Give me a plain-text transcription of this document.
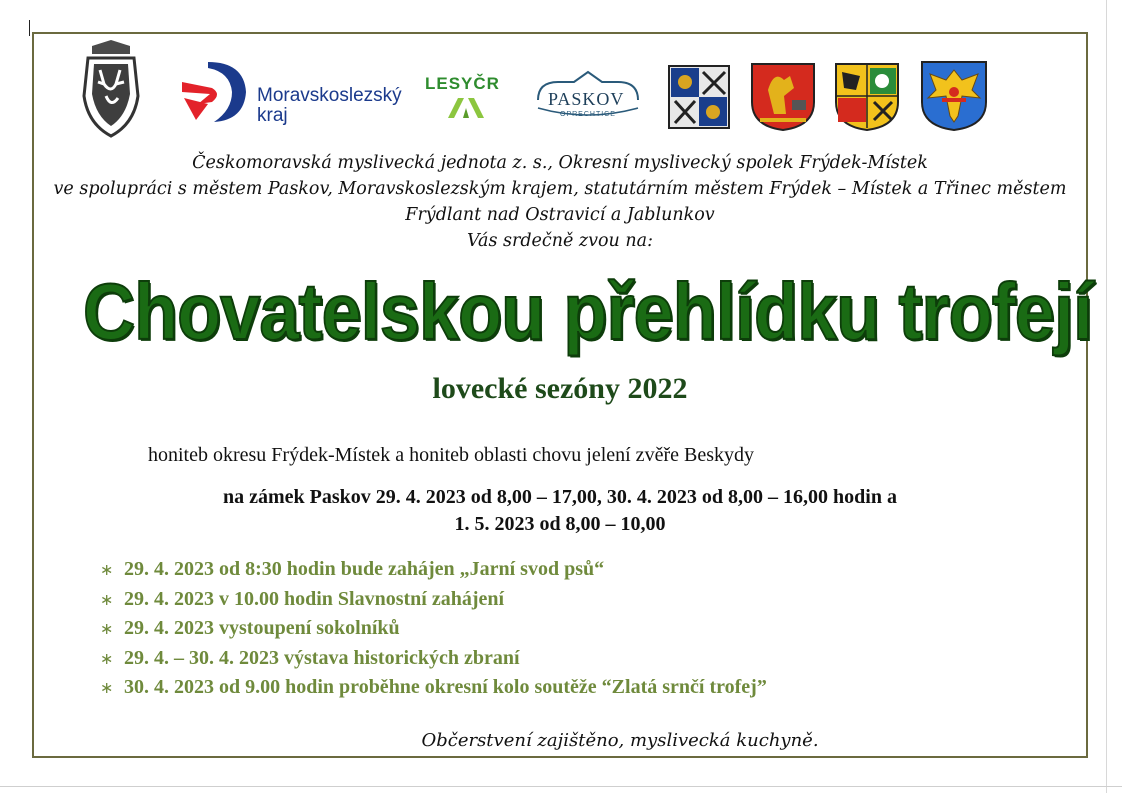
Moravskoslezský
kraj
LESYČR
PASKOV
OPRECHTICE
Českomoravská myslivecká jednota z. s., Okresní myslivecký spolek Frýdek-Místek
ve spolupráci s městem Paskov, Moravskoslezským krajem, statutárním městem Frýdek – Místek a Třinec městem
Frýdlant nad Ostravicí a Jablunkov
Vás srdečně zvou na:
Chovatelskou přehlídku trofejí
lovecké sezóny 2022
honiteb okresu Frýdek-Místek a honiteb oblasti chovu jelení zvěře Beskydy
na zámek Paskov 29. 4. 2023 od 8,00 – 17,00, 30. 4. 2023 od 8,00 – 16,00 hodin a
1. 5. 2023 od 8,00 – 10,00
∗ 29. 4. 2023 od 8:30 hodin bude zahájen „Jarní svod psů“
∗ 29. 4. 2023 v 10.00 hodin Slavnostní zahájení
∗ 29. 4. 2023 vystoupení sokolníků
∗ 29. 4. – 30. 4. 2023 výstava historických zbraní
∗ 30. 4. 2023 od 9.00 hodin proběhne okresní kolo soutěže “Zlatá srnčí trofej”
Občerstvení zajištěno, myslivecká kuchyně.
